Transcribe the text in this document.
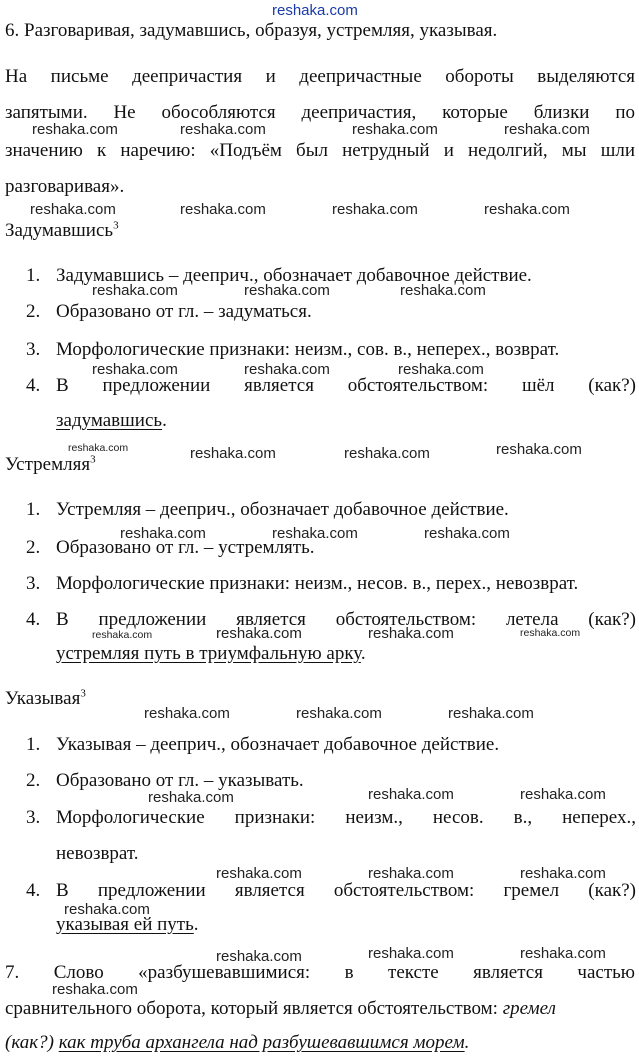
reshaka.com
6. Разговаривая, задумавшись, образуя, устремляя, указывая.
На письме деепричастия и деепричастные обороты выделяются
запятыми. Не обособляются деепричастия, которые близки по
reshaka.com	reshaka.com	reshaka.com	reshaka.com
значению к наречию: «Подъём был нетрудный и недолгий, мы шли
разговаривая».
reshaka.com	reshaka.com	reshaka.com	reshaka.com
Задумавшись$^3$
1. Задумавшись – дееприч., обозначает добавочное действие.
reshaka.com	reshaka.com	reshaka.com
2. Образовано от гл. – задуматься.
3. Морфологические признаки: неизм., сов. в., неперех., возврат.
reshaka.com	reshaka.com	reshaka.com
4. В предложении является обстоятельством: шёл (как?)
задумавшись.
reshaka.com	reshaka.com	reshaka.com	reshaka.com
Устремляя$^3$
1. Устремляя – дееприч., обозначает добавочное действие.
reshaka.com	reshaka.com	reshaka.com
2. Образовано от гл. – устремлять.
3. Морфологические признаки: неизм., несов. в., перех., невозврат.
4. В предложении является обстоятельством: летела (как?)
reshaka.com	reshaka.com	reshaka.com	reshaka.com
устремляя путь в триумфальную арку.
Указывая$^3$
reshaka.com	reshaka.com	reshaka.com
1. Указывая – дееприч., обозначает добавочное действие.
2. Образовано от гл. – указывать.
reshaka.com	reshaka.com	reshaka.com
3. Морфологические признаки: неизм., несов. в., неперех.,
невозврат.
reshaka.com	reshaka.com	reshaka.com
4. В предложении является обстоятельством: гремел (как?)
reshaka.com
указывая ей путь.
reshaka.com	reshaka.com	reshaka.com
7. Слово «разбушевавшимися: в тексте является частью
reshaka.com
сравнительного оборота, который является обстоятельством: гремел
(как?) как труба архангела над разбушевавшимся морем.
